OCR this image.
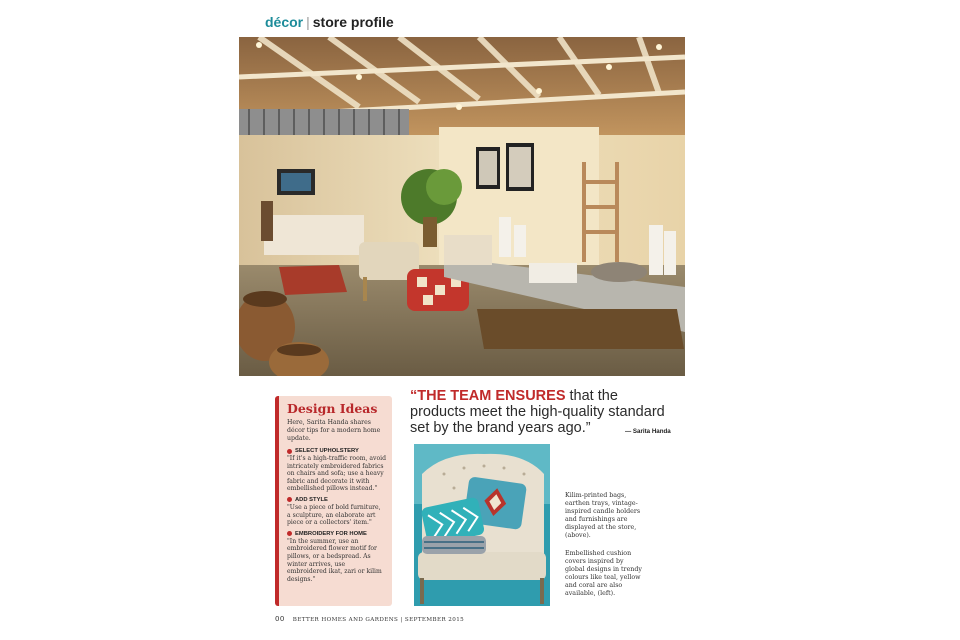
décor | store profile
Design Ideas
Here, Sarita Handa shares décor tips for a modern home update.
SELECT UPHOLSTERY
"If it's a high-traffic room, avoid intricately embroidered fabrics on chairs and sofa; use a heavy fabric and decorate it with embellished pillows instead."
ADD STYLE
"Use a piece of bold furniture, a sculpture, an elaborate art piece or a collectors' item."
EMBROIDERY FOR HOME
"In the summer, use an embroidered flower motif for pillows, or a bedspread. As winter arrives, use embroidered ikat, zari or kilim designs."
“THE TEAM ENSURES that the products meet the high-quality standard set by the brand years ago.”	— Sarita Handa
Kilim-printed bags, earthen trays, vintage-inspired candle holders and furnishings are displayed at the store, (above).
Embellished cushion covers inspired by global designs in trendy colours like teal, yellow and coral are also available, (left).
00 BETTER HOMES AND GARDENS | SEPTEMBER 2015
